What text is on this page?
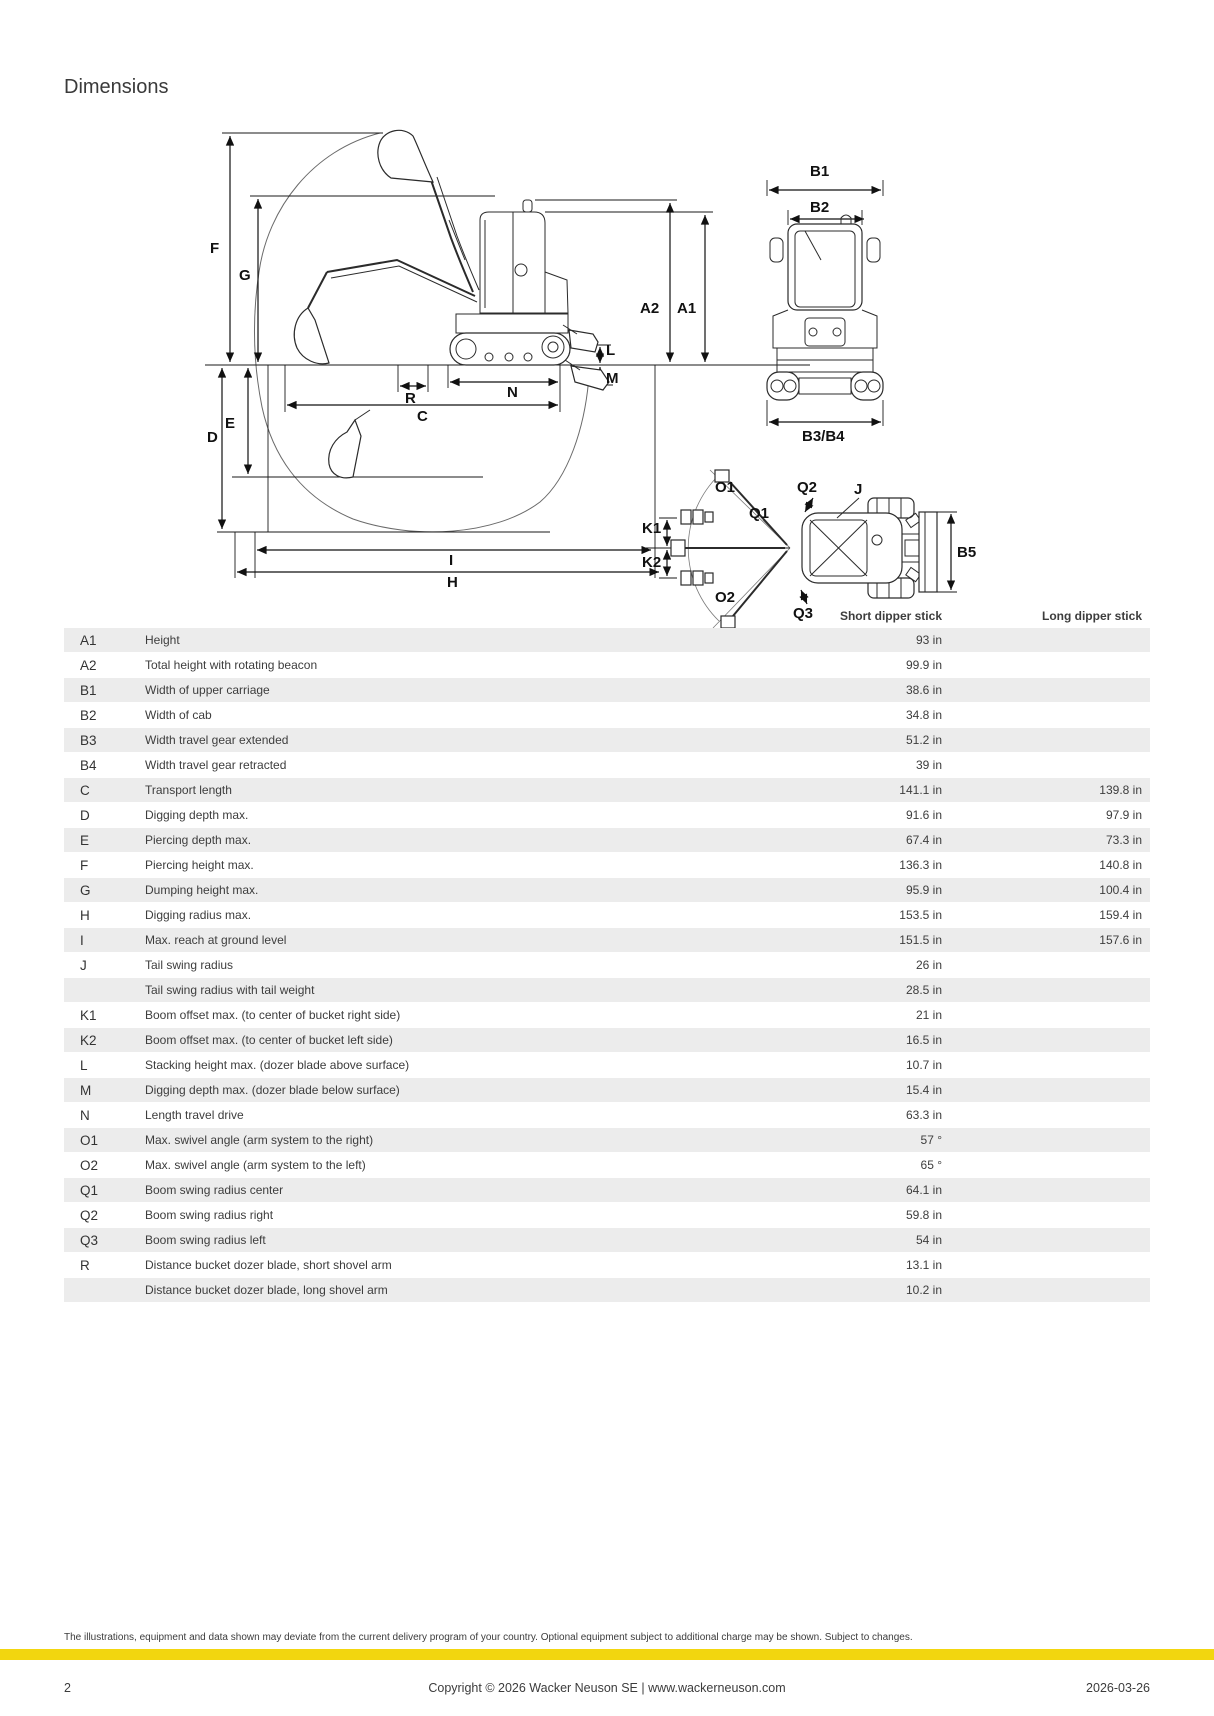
Dimensions
F
G
E
D
I
H
C
N
R
L
M
A2 A1
B1
B2
B3/B4
O1
O2
Q1
Q2
Q3
K1
K2
J
B5
Short dipper stick	Long dipper stick
A1	Height	93 in
A2	Total height with rotating beacon	99.9 in
B1	Width of upper carriage	38.6 in
B2	Width of cab	34.8 in
B3	Width travel gear extended	51.2 in
B4	Width travel gear retracted	39 in
C	Transport length	141.1 in	139.8 in
D	Digging depth max.	91.6 in	97.9 in
E	Piercing depth max.	67.4 in	73.3 in
F	Piercing height max.	136.3 in	140.8 in
G	Dumping height max.	95.9 in	100.4 in
H	Digging radius max.	153.5 in	159.4 in
I	Max. reach at ground level	151.5 in	157.6 in
J	Tail swing radius	26 in
Tail swing radius with tail weight	28.5 in
K1	Boom offset max. (to center of bucket right side)	21 in
K2	Boom offset max. (to center of bucket left side)	16.5 in
L	Stacking height max. (dozer blade above surface)	10.7 in
M	Digging depth max. (dozer blade below surface)	15.4 in
N	Length travel drive	63.3 in
O1	Max. swivel angle (arm system to the right)	57 °
O2	Max. swivel angle (arm system to the left)	65 °
Q1	Boom swing radius center	64.1 in
Q2	Boom swing radius right	59.8 in
Q3	Boom swing radius left	54 in
R	Distance bucket dozer blade, short shovel arm	13.1 in
Distance bucket dozer blade, long shovel arm	10.2 in
The illustrations, equipment and data shown may deviate from the current delivery program of your country. Optional equipment subject to additional charge may be shown. Subject to changes.
2	Copyright © 2026 Wacker Neuson SE | www.wackerneuson.com	2026-03-26
